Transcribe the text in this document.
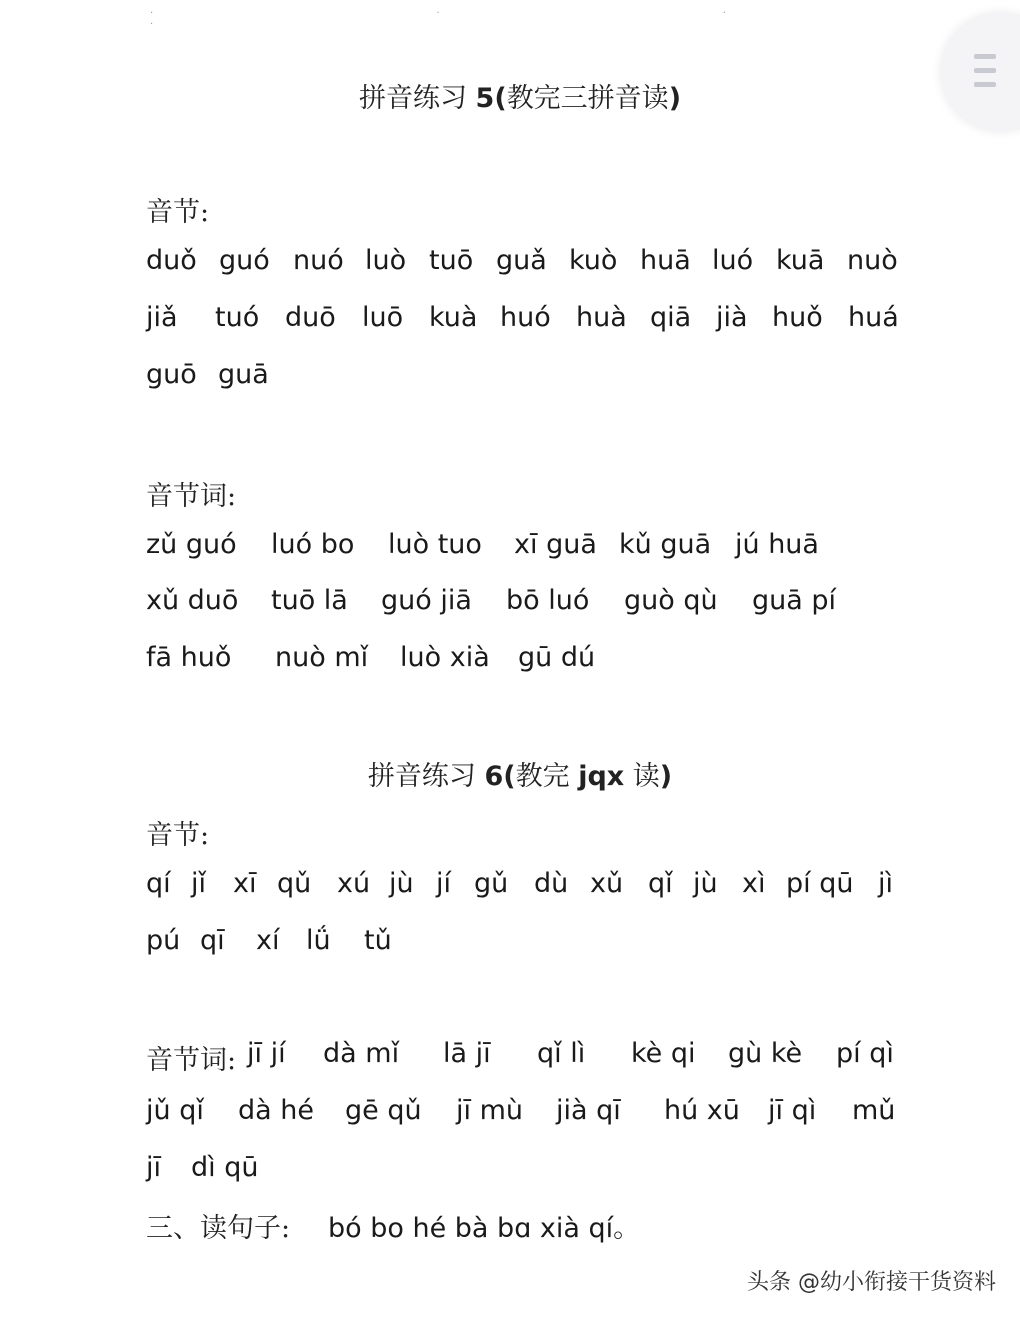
· · · ·
拼音练习 5(教完三拼音读)
音节:
duǒ guó nuó luò tuō guǎ kuò huā luó kuā nuò
jiǎ tuó duō luō kuà huó huà qiā jià huǒ huá
guō guā
音节词:
zǔ guó luó bo luò tuo xī guā kǔ guā jú huā
xǔ duō tuō lā guó jiā bō luó guò qù guā pí
fā huǒ nuò mǐ luò xià gū dú
拼音练习 6(教完 jqx 读)
音节:
qí jǐ xī qǔ xú jù jí gǔ dù xǔ qǐ jù xì pí qū jì
pú qī xí lǘ tǔ
音节词: jī jí dà mǐ lā jī qǐ lì kè qi gù kè pí qì
jǔ qǐ dà hé gē qǔ jī mù jià qī hú xū jī qì mǔ
jī dì qū
三、读句子: bó bo hé bà bɑ xià qí。
头条 @幼小衔接干货资料
